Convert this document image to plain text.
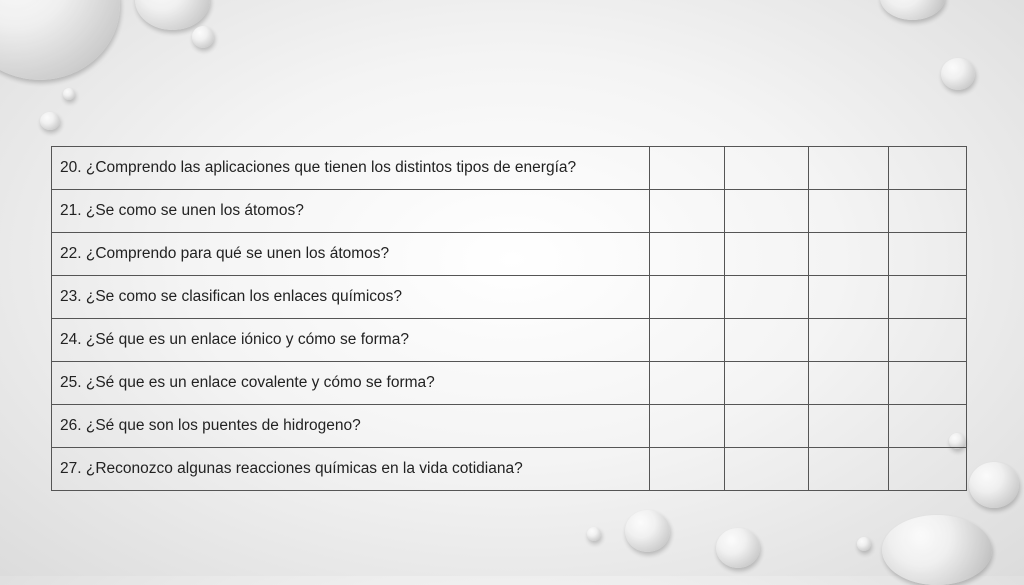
20. ¿Comprendo las aplicaciones que tienen los distintos tipos de energía?				
21. ¿Se como se unen los átomos?				
22. ¿Comprendo para qué se unen los átomos?				
23. ¿Se como se clasifican los enlaces químicos?				
24. ¿Sé que es un enlace iónico y cómo se forma?				
25. ¿Sé que es un enlace covalente y cómo se forma?				
26. ¿Sé que son los puentes de hidrogeno?				
27. ¿Reconozco algunas reacciones químicas en la vida cotidiana?				
